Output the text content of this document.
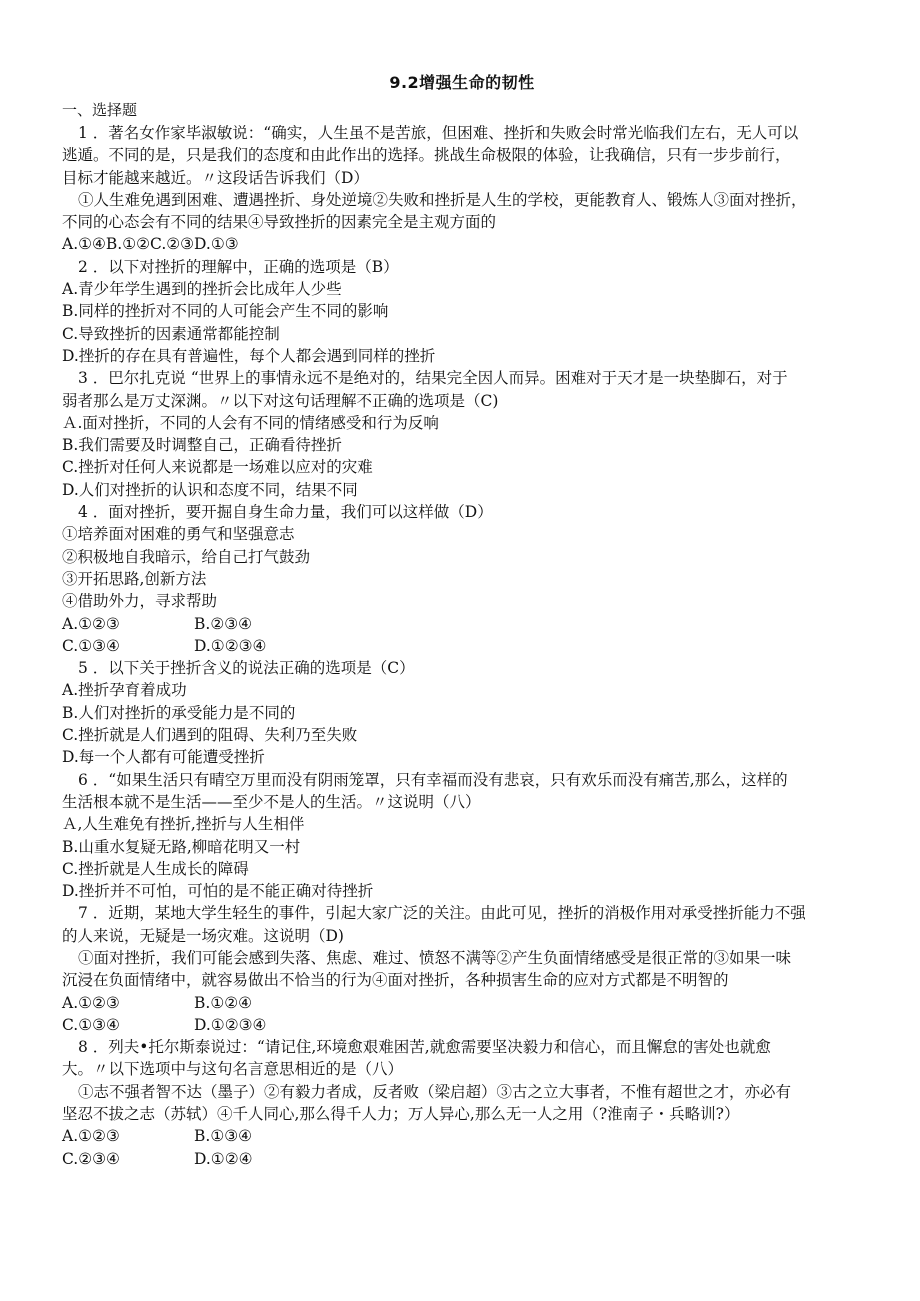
9.2增强生命的韧性
一、选择题
1 ．著名女作家毕淑敏说：“确实，人生虽不是苦旅，但困难、挫折和失败会时常光临我们左右，无人可以
逃遁。不同的是，只是我们的态度和由此作出的选择。挑战生命极限的体验，让我确信，只有一步步前行，
目标才能越来越近。〃这段话告诉我们（D）
①人生难免遇到困难、遭遇挫折、身处逆境②失败和挫折是人生的学校，更能教育人、锻炼人③面对挫折，
不同的心态会有不同的结果④导致挫折的因素完全是主观方面的
A.①④B.①②C.②③D.①③
2 ．以下对挫折的理解中，正确的选项是（B）
A.青少年学生遇到的挫折会比成年人少些
B.同样的挫折对不同的人可能会产生不同的影响
C.导致挫折的因素通常都能控制
D.挫折的存在具有普遍性，每个人都会遇到同样的挫折
3 ．巴尔扎克说 “世界上的事情永远不是绝对的，结果完全因人而异。困难对于天才是一块垫脚石，对于
弱者那么是万丈深渊。〃以下对这句话理解不正确的选项是（C)
Ａ.面对挫折，不同的人会有不同的情绪感受和行为反响
B.我们需要及时调整自己，正确看待挫折
C.挫折对任何人来说都是一场难以应对的灾难
D.人们对挫折的认识和态度不同，结果不同
4 ．面对挫折，要开掘自身生命力量，我们可以这样做（D）
①培养面对困难的勇气和坚强意志
②积极地自我暗示，给自己打气鼓劲
③开拓思路,创新方法
④借助外力，寻求帮助
A.①②③	B.②③④
C.①③④	D.①②③④
5 ．以下关于挫折含义的说法正确的选项是（C）
A.挫折孕育着成功
B.人们对挫折的承受能力是不同的
C.挫折就是人们遇到的阻碍、失利乃至失败
D.每一个人都有可能遭受挫折
6 ．“如果生活只有晴空万里而没有阴雨笼罩，只有幸福而没有悲哀，只有欢乐而没有痛苦,那么，这样的
生活根本就不是生活——至少不是人的生活。〃这说明（八）
Ａ,人生难免有挫折,挫折与人生相伴
B.山重水复疑无路,柳暗花明又一村
C.挫折就是人生成长的障碍
D.挫折并不可怕，可怕的是不能正确对待挫折
7 ．近期，某地大学生轻生的事件，引起大家广泛的关注。由此可见，挫折的消极作用对承受挫折能力不强
的人来说，无疑是一场灾难。这说明（D)
①面对挫折，我们可能会感到失落、焦虑、难过、愤怒不满等②产生负面情绪感受是很正常的③如果一味
沉浸在负面情绪中，就容易做出不恰当的行为④面对挫折，各种损害生命的应对方式都是不明智的
A.①②③	B.①②④
C.①③④	D.①②③④
8 ．列夫•托尔斯泰说过：“请记住,环境愈艰难困苦,就愈需要坚决毅力和信心，而且懈怠的害处也就愈
大。〃以下选项中与这句名言意思相近的是（八）
①志不强者智不达（墨子）②有毅力者成，反者败（梁启超）③古之立大事者，不惟有超世之才，亦必有
坚忍不拔之志（苏轼）④千人同心,那么得千人力；万人异心,那么无一人之用（?淮南子・兵略训?）
A.①②③	B.①③④
C.②③④	D.①②④
